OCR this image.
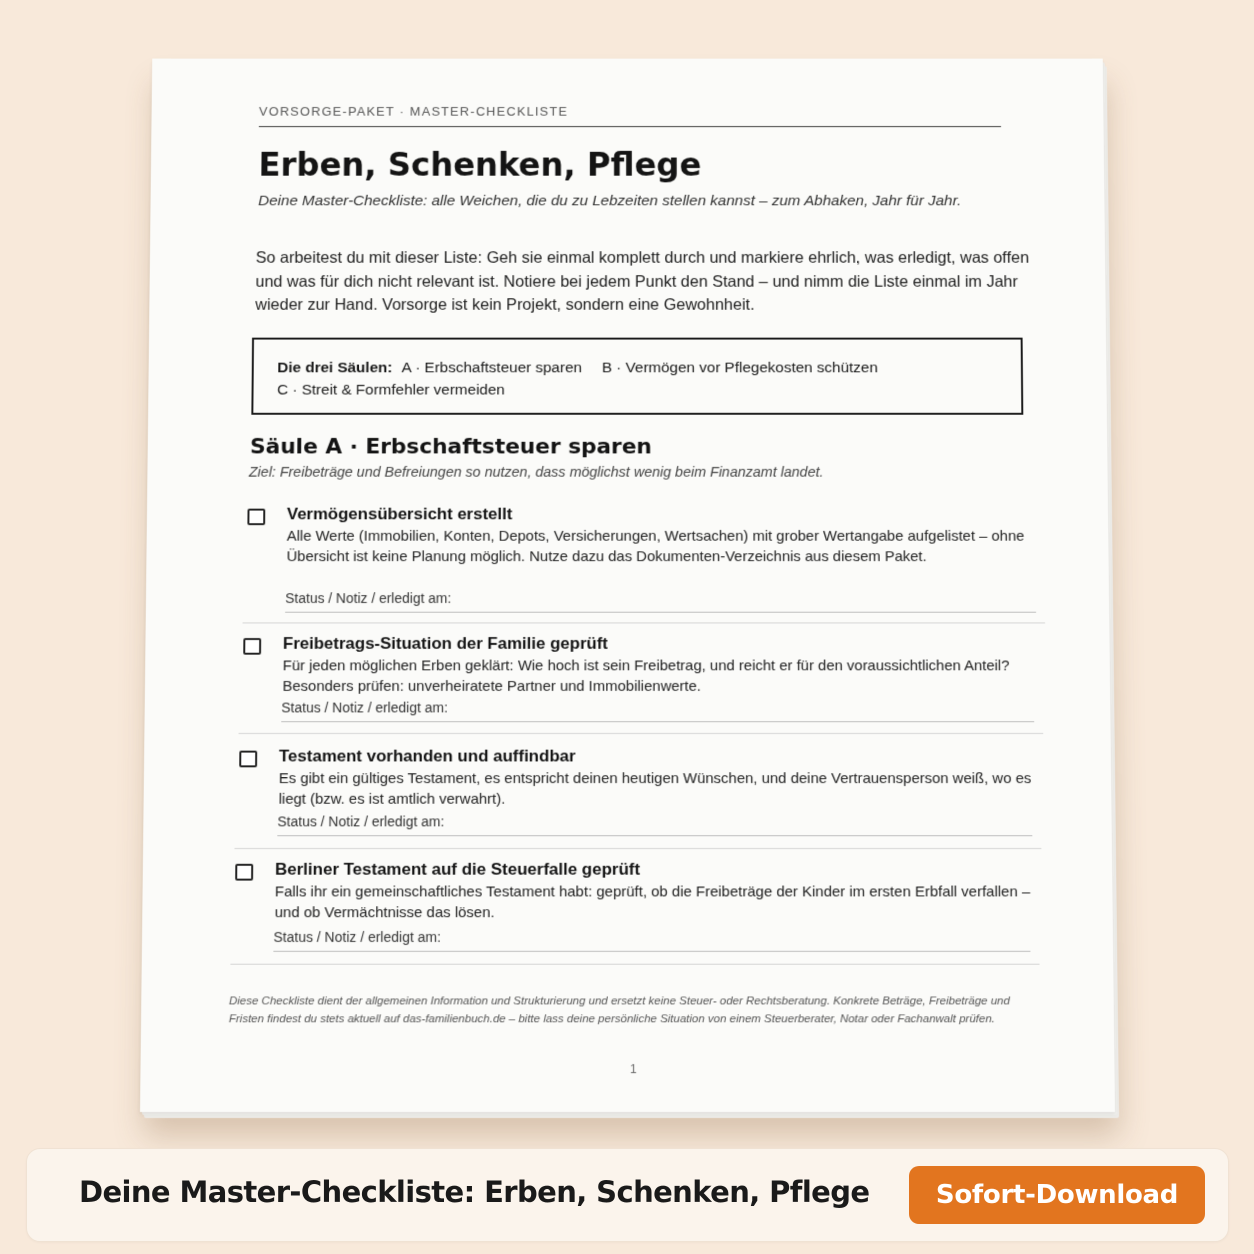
VORSORGE-PAKET · MASTER-CHECKLISTE
Erben, Schenken, Pflege
Deine Master-Checkliste: alle Weichen, die du zu Lebzeiten stellen kannst – zum Abhaken, Jahr für Jahr.
So arbeitest du mit dieser Liste: Geh sie einmal komplett durch und markiere ehrlich, was erledigt, was offen und was für dich nicht relevant ist. Notiere bei jedem Punkt den Stand – und nimm die Liste einmal im Jahr wieder zur Hand. Vorsorge ist kein Projekt, sondern eine Gewohnheit.
Die drei Säulen: A · Erbschaftsteuer sparen B · Vermögen vor Pflegekosten schützen
C · Streit & Formfehler vermeiden
Säule A · Erbschaftsteuer sparen
Ziel: Freibeträge und Befreiungen so nutzen, dass möglichst wenig beim Finanzamt landet.
Vermögensübersicht erstellt
Alle Werte (Immobilien, Konten, Depots, Versicherungen, Wertsachen) mit grober Wertangabe aufgelistet – ohne Übersicht ist keine Planung möglich. Nutze dazu das Dokumenten-Verzeichnis aus diesem Paket.
Status / Notiz / erledigt am:
Freibetrags-Situation der Familie geprüft
Für jeden möglichen Erben geklärt: Wie hoch ist sein Freibetrag, und reicht er für den voraussichtlichen Anteil? Besonders prüfen: unverheiratete Partner und Immobilienwerte.
Status / Notiz / erledigt am:
Testament vorhanden und auffindbar
Es gibt ein gültiges Testament, es entspricht deinen heutigen Wünschen, und deine Vertrauensperson weiß, wo es liegt (bzw. es ist amtlich verwahrt).
Status / Notiz / erledigt am:
Berliner Testament auf die Steuerfalle geprüft
Falls ihr ein gemeinschaftliches Testament habt: geprüft, ob die Freibeträge der Kinder im ersten Erbfall verfallen – und ob Vermächtnisse das lösen.
Status / Notiz / erledigt am:
Diese Checkliste dient der allgemeinen Information und Strukturierung und ersetzt keine Steuer- oder Rechtsberatung. Konkrete Beträge, Freibeträge und Fristen findest du stets aktuell auf das-familienbuch.de – bitte lass deine persönliche Situation von einem Steuerberater, Notar oder Fachanwalt prüfen.
1
Deine Master-Checkliste: Erben, Schenken, Pflege	Sofort-Download
